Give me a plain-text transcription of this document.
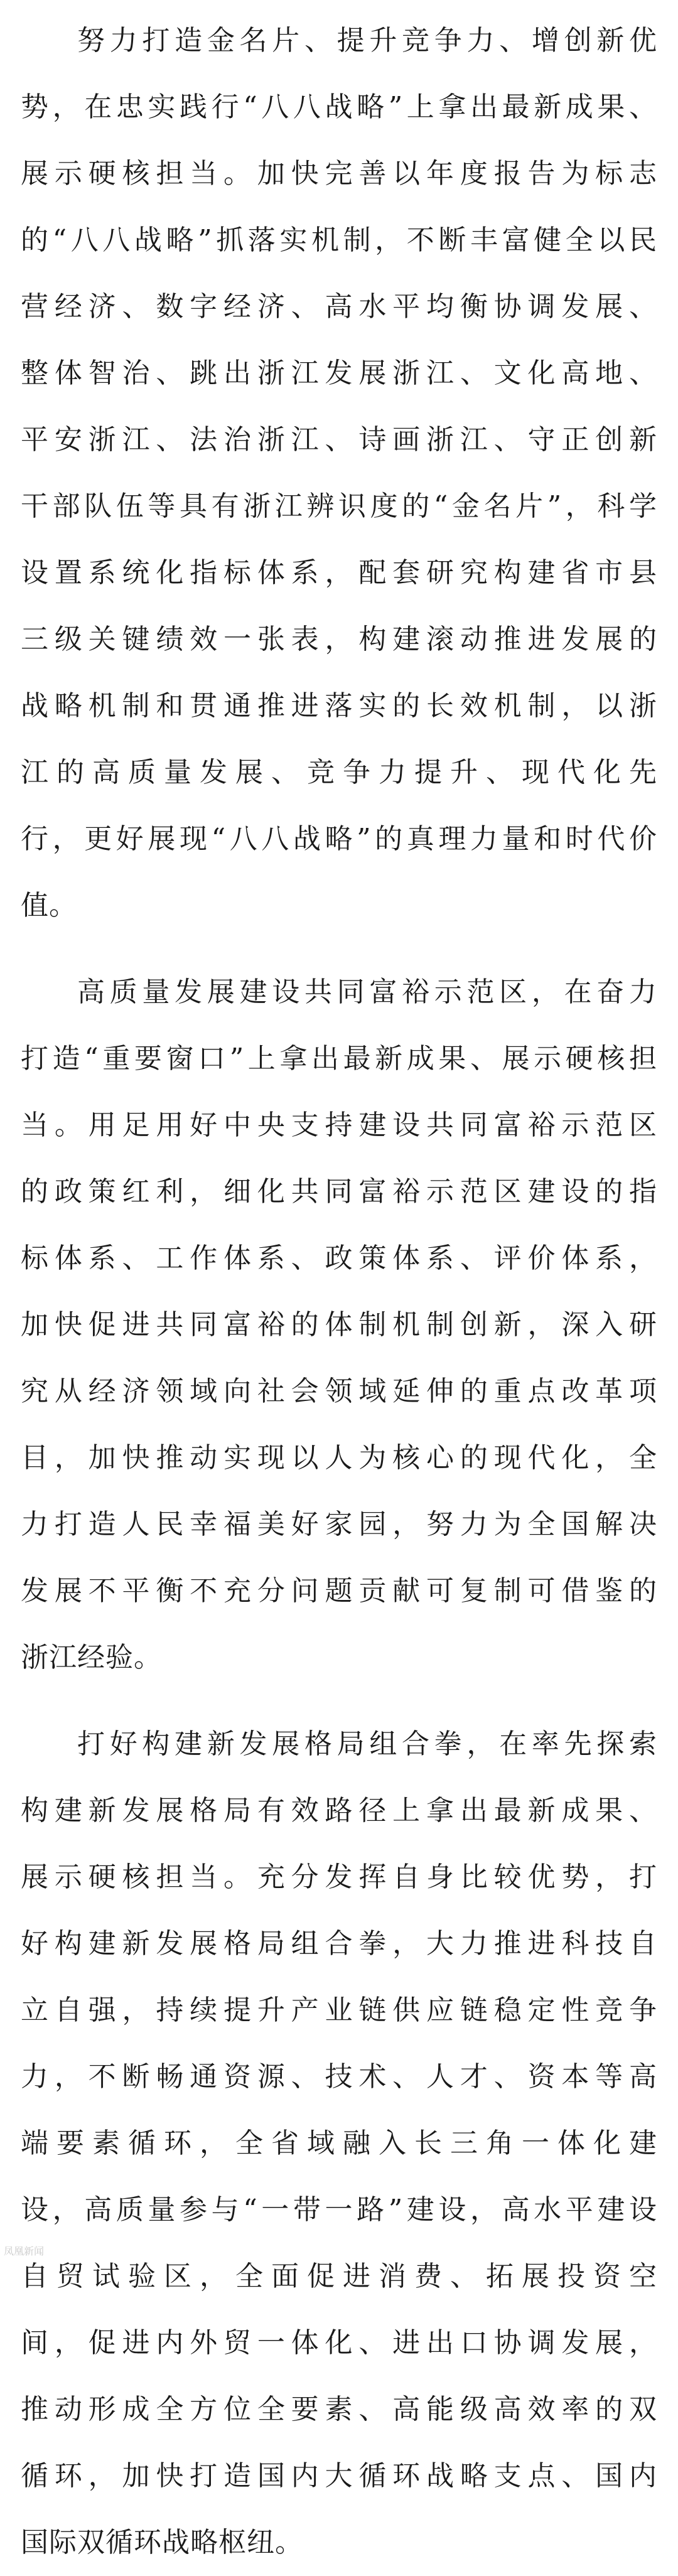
努力打造金名片、提升竞争力、增创新优
势，在忠实践行“八八战略”上拿出最新成果、
展示硬核担当。加快完善以年度报告为标志
的“八八战略”抓落实机制，不断丰富健全以民
营经济、数字经济、高水平均衡协调发展、
整体智治、跳出浙江发展浙江、文化高地、
平安浙江、法治浙江、诗画浙江、守正创新
干部队伍等具有浙江辨识度的“金名片”，科学
设置系统化指标体系，配套研究构建省市县
三级关键绩效一张表，构建滚动推进发展的
战略机制和贯通推进落实的长效机制，以浙
江的高质量发展、竞争力提升、现代化先
行，更好展现“八八战略”的真理力量和时代价
值。
高质量发展建设共同富裕示范区，在奋力
打造“重要窗口”上拿出最新成果、展示硬核担
当。用足用好中央支持建设共同富裕示范区
的政策红利，细化共同富裕示范区建设的指
标体系、工作体系、政策体系、评价体系，
加快促进共同富裕的体制机制创新，深入研
究从经济领域向社会领域延伸的重点改革项
目，加快推动实现以人为核心的现代化，全
力打造人民幸福美好家园，努力为全国解决
发展不平衡不充分问题贡献可复制可借鉴的
浙江经验。
打好构建新发展格局组合拳，在率先探索
构建新发展格局有效路径上拿出最新成果、
展示硬核担当。充分发挥自身比较优势，打
好构建新发展格局组合拳，大力推进科技自
立自强，持续提升产业链供应链稳定性竞争
力，不断畅通资源、技术、人才、资本等高
端要素循环，全省域融入长三角一体化建
设，高质量参与“一带一路”建设，高水平建设
自贸试验区，全面促进消费、拓展投资空
间，促进内外贸一体化、进出口协调发展，
推动形成全方位全要素、高能级高效率的双
循环，加快打造国内大循环战略支点、国内
国际双循环战略枢纽。
凤凰新闻
